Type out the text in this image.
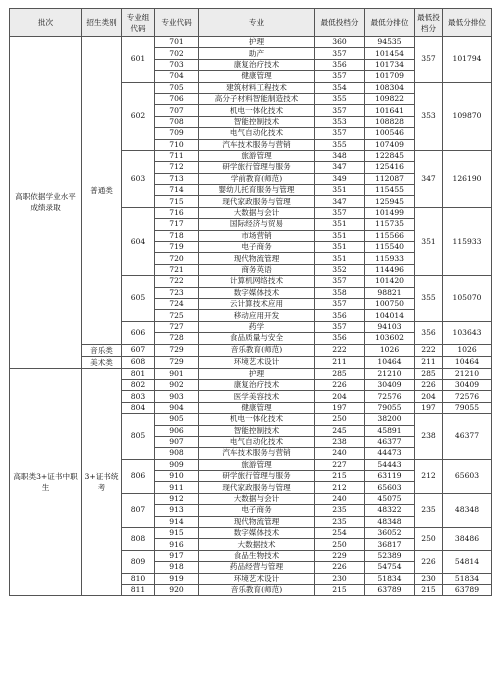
批次	招生类别	专业组代码	专业代码	专业	最低投档分	最低分排位	最低投档分	最低分排位
高职依据学业水平成绩录取	普通类	601	701	护理	360	94535	357	101794
			702	助产	357	101454		
			703	康复治疗技术	356	101734		
			704	健康管理	357	101709		
		602	705	建筑材料工程技术	354	108304	353	109870
			706	高分子材料智能制造技术	355	109822		
			707	机电一体化技术	357	101641		
			708	智能控制技术	353	108828		
			709	电气自动化技术	357	100546		
			710	汽车技术服务与营销	355	107409		
		603	711	旅游管理	348	122845	347	126190
			712	研学旅行管理与服务	347	125416		
			713	学前教育(师范)	349	112087		
			714	婴幼儿托育服务与管理	351	115455		
			715	现代家政服务与管理	347	125945		
		604	716	大数据与会计	357	101499	351	115933
			717	国际经济与贸易	351	115735		
			718	市场营销	351	115566		
			719	电子商务	351	115540		
			720	现代物流管理	351	115933		
			721	商务英语	352	114496		
		605	722	计算机网络技术	357	101420	355	105070
			723	数字媒体技术	358	98821		
			724	云计算技术应用	357	100750		
			725	移动应用开发	356	104014		
		606	727	药学	357	94103	356	103643
			728	食品质量与安全	356	103602		
	音乐类	607	729	音乐教育(师范)	222	1026	222	1026
	美术类	608	729	环境艺术设计	211	10464	211	10464
高职类3+证书中职生	3+证书统考	801	901	护理	285	21210	285	21210
		802	902	康复治疗技术	226	30409	226	30409
		803	903	医学美容技术	204	72576	204	72576
		804	904	健康管理	197	79055	197	79055
		805	905	机电一体化技术	250	38200	238	46377
			906	智能控制技术	245	45891		
			907	电气自动化技术	238	46377		
			908	汽车技术服务与营销	240	44473		
		806	909	旅游管理	227	54443	212	65603
			910	研学旅行管理与服务	215	63119		
			911	现代家政服务与管理	212	65603		
		807	912	大数据与会计	240	45075	235	48348
			913	电子商务	235	48322		
			914	现代物流管理	235	48348		
		808	915	数字媒体技术	254	36052	250	38486
			916	大数据技术	250	36817		
		809	917	食品生物技术	229	52389	226	54814
			918	药品经营与管理	226	54754		
		810	919	环境艺术设计	230	51834	230	51834
		811	920	音乐教育(师范)	215	63789	215	63789
